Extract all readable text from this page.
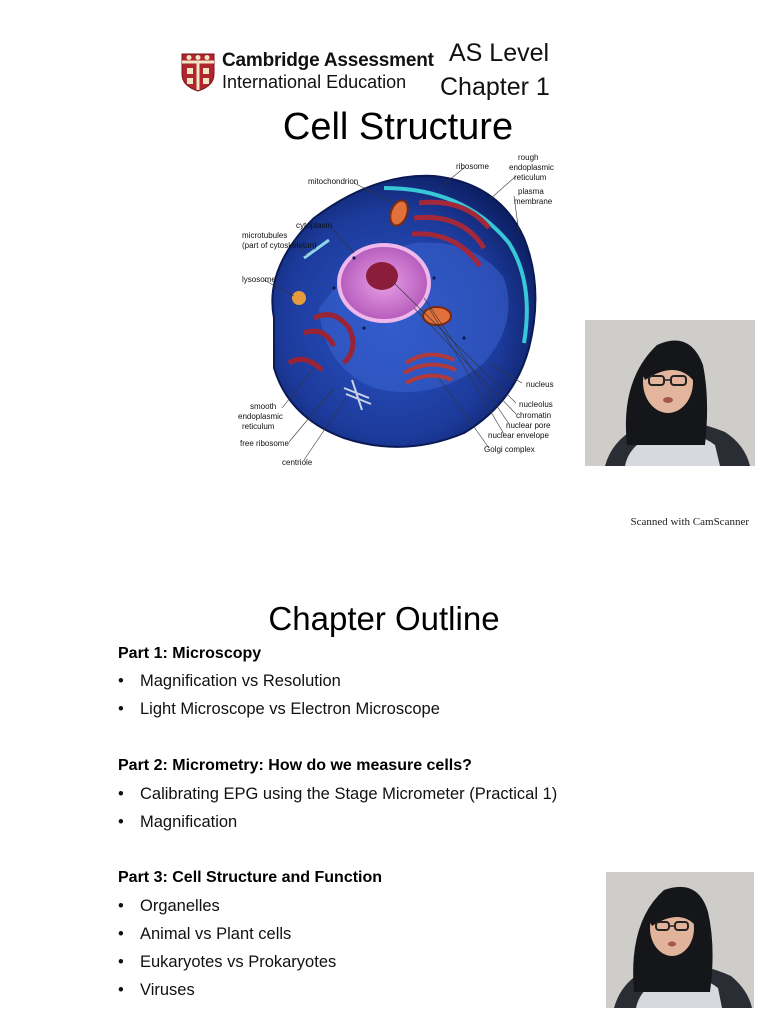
Cambridge Assessment
International Education
AS Level
Chapter 1
Cell Structure
ribosome
rough
endoplasmic
reticulum
mitochondrion
plasma
membrane
cytoplasm
microtubules
(part of cytoskeleton)
lysosome
nucleus
nucleolus
chromatin
nuclear pore
nuclear envelope
Golgi complex
smooth
endoplasmic
reticulum
free ribosome
centriole
Scanned with CamScanner
Chapter Outline
Part 1: Microscopy
• Magnification vs Resolution
• Light Microscope vs Electron Microscope
Part 2: Micrometry: How do we measure cells?
• Calibrating EPG using the Stage Micrometer (Practical 1)
• Magnification
Part 3: Cell Structure and Function
• Organelles
• Animal vs Plant cells
• Eukaryotes vs Prokaryotes
• Viruses
